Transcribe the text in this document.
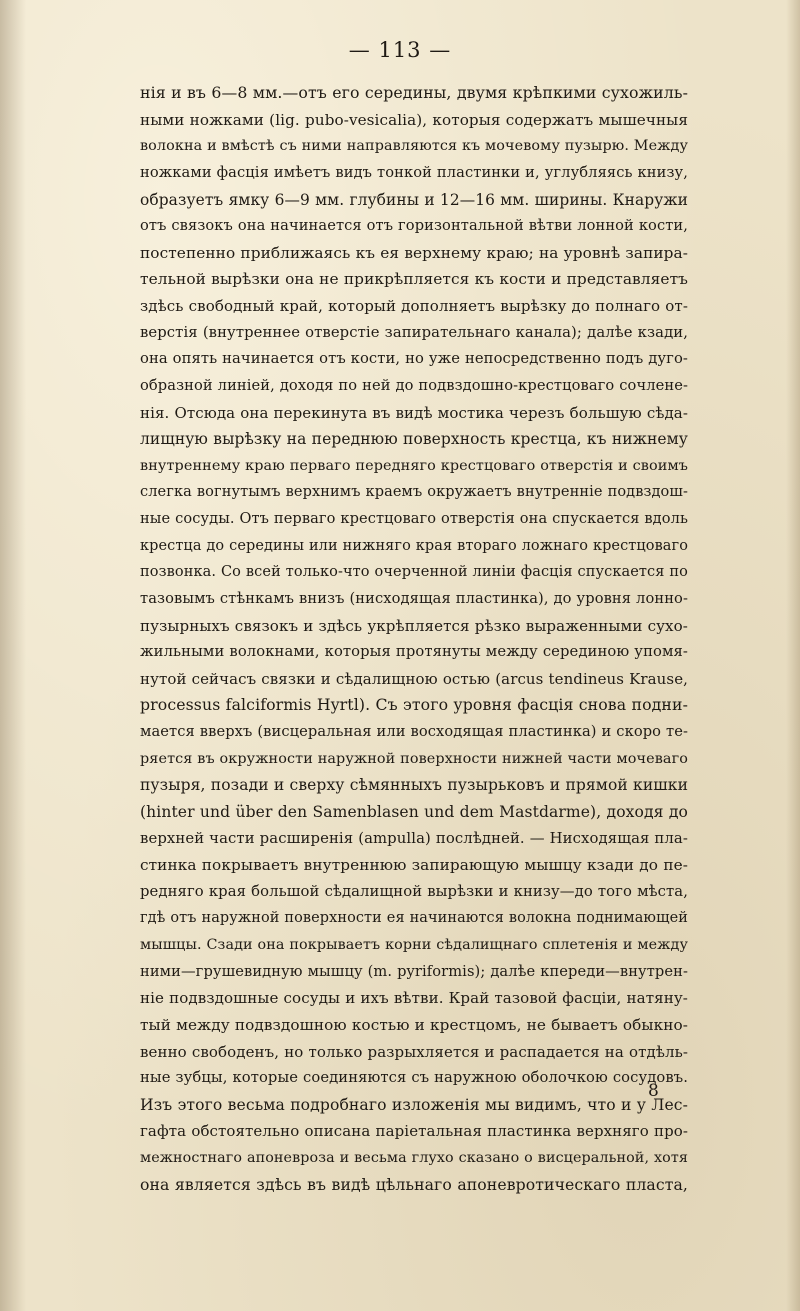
— 113 —
нія и въ 6—8 мм.—отъ его середины, двумя крѣпкими сухожиль-
ными ножками (lig. pubo-vesicalia), которыя содержатъ мышечныя
волокна и вмѣстѣ съ ними направляются къ мочевому пузырю. Между
ножками фасція имѣетъ видъ тонкой пластинки и, углубляясь книзу,
образуетъ ямку 6—9 мм. глубины и 12—16 мм. ширины. Кнаружи
отъ связокъ она начинается отъ горизонтальной вѣтви лонной кости,
постепенно приближаясь къ ея верхнему краю; на уровнѣ запира-
тельной вырѣзки она не прикрѣпляется къ кости и представляетъ
здѣсь свободный край, который дополняетъ вырѣзку до полнаго от-
верстія (внутреннее отверстіе запирательнаго канала); далѣе кзади,
она опять начинается отъ кости, но уже непосредственно подъ дуго-
образной линіей, доходя по ней до подвздошно-крестцоваго сочлене-
нія. Отсюда она перекинута въ видѣ мостика черезъ большую сѣда-
лищную вырѣзку на переднюю поверхность крестца, къ нижнему
внутреннему краю перваго передняго крестцоваго отверстія и своимъ
слегка вогнутымъ верхнимъ краемъ окружаетъ внутренніе подвздош-
ные сосуды. Отъ перваго крестцоваго отверстія она спускается вдоль
крестца до середины или нижняго края втораго ложнаго крестцоваго
позвонка. Со всей только-что очерченной линіи фасція спускается по
тазовымъ стѣнкамъ внизъ (нисходящая пластинка), до уровня лонно-
пузырныхъ связокъ и здѣсь укрѣпляется рѣзко выраженными сухо-
жильными волокнами, которыя протянуты между серединою упомя-
нутой сейчасъ связки и сѣдалищною остью (arcus tendineus Krause,
processus falciformis Hyrtl). Съ этого уровня фасція снова подни-
мается вверхъ (висцеральная или восходящая пластинка) и скоро те-
ряется въ окружности наружной поверхности нижней части мочеваго
пузыря, позади и сверху сѣмянныхъ пузырьковъ и прямой кишки
(hinter und über den Samenblasen und dem Mastdarme), доходя до
верхней части расширенія (ampulla) послѣдней. — Нисходящая пла-
стинка покрываетъ внутреннюю запирающую мышцу кзади до пе-
редняго края большой сѣдалищной вырѣзки и книзу—до того мѣста,
гдѣ отъ наружной поверхности ея начинаются волокна поднимающей
мышцы. Сзади она покрываетъ корни сѣдалищнаго сплетенія и между
ними—грушевидную мышцу (m. pyriformis); далѣе кпереди—внутрен-
ніе подвздошные сосуды и ихъ вѣтви. Край тазовой фасціи, натяну-
тый между подвздошною костью и крестцомъ, не бываетъ обыкно-
венно свободенъ, но только разрыхляется и распадается на отдѣль-
ные зубцы, которые соединяются съ наружною оболочкою сосудовъ.
Изъ этого весьма подробнаго изложенія мы видимъ, что и у Лес-
гафта обстоятельно описана паріетальная пластинка верхняго про-
межностнаго апоневроза и весьма глухо сказано о висцеральной, хотя
она является здѣсь въ видѣ цѣльнаго апоневротическаго пласта,
8
